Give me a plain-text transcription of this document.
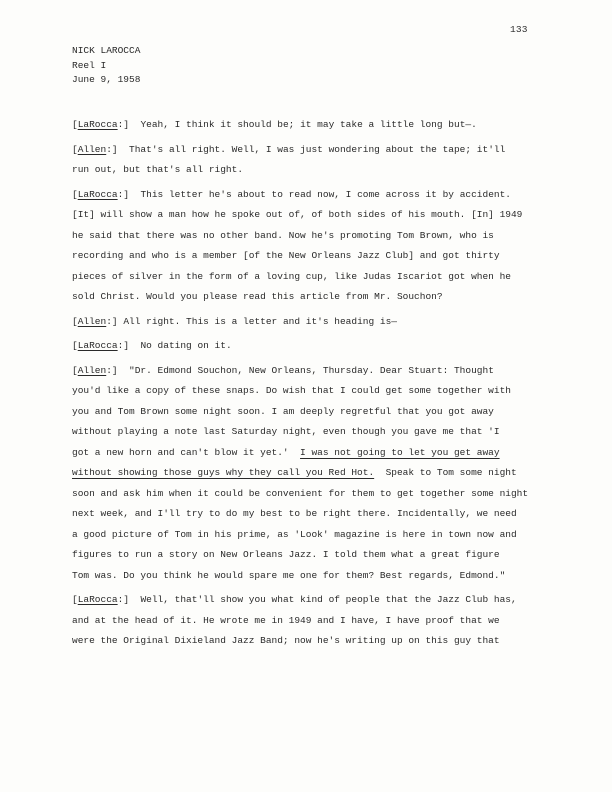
133
NICK LAROCCA
Reel I
June 9, 1958
[LaRocca:]  Yeah, I think it should be; it may take a little long but—.
[Allen:]  That's all right. Well, I was just wondering about the tape; it'll
run out, but that's all right.
[LaRocca:]  This letter he's about to read now, I come across it by accident.
[It] will show a man how he spoke out of, of both sides of his mouth. [In] 1949
he said that there was no other band. Now he's promoting Tom Brown, who is
recording and who is a member [of the New Orleans Jazz Club] and got thirty
pieces of silver in the form of a loving cup, like Judas Iscariot got when he
sold Christ. Would you please read this article from Mr. Souchon?
[Allen:] All right. This is a letter and it's heading is—
[LaRocca:]  No dating on it.
[Allen:]  "Dr. Edmond Souchon, New Orleans, Thursday. Dear Stuart: Thought
you'd like a copy of these snaps. Do wish that I could get some together with
you and Tom Brown some night soon. I am deeply regretful that you got away
without playing a note last Saturday night, even though you gave me that 'I
got a new horn and can't blow it yet.' I was not going to let you get away
without showing those guys why they call you Red Hot. Speak to Tom some night
soon and ask him when it could be convenient for them to get together some night
next week, and I'll try to do my best to be right there. Incidentally, we need
a good picture of Tom in his prime, as 'Look' magazine is here in town now and
figures to run a story on New Orleans Jazz. I told them what a great figure
Tom was. Do you think he would spare me one for them? Best regards, Edmond."
[LaRocca:]  Well, that'll show you what kind of people that the Jazz Club has,
and at the head of it. He wrote me in 1949 and I have, I have proof that we
were the Original Dixieland Jazz Band; now he's writing up on this guy that
